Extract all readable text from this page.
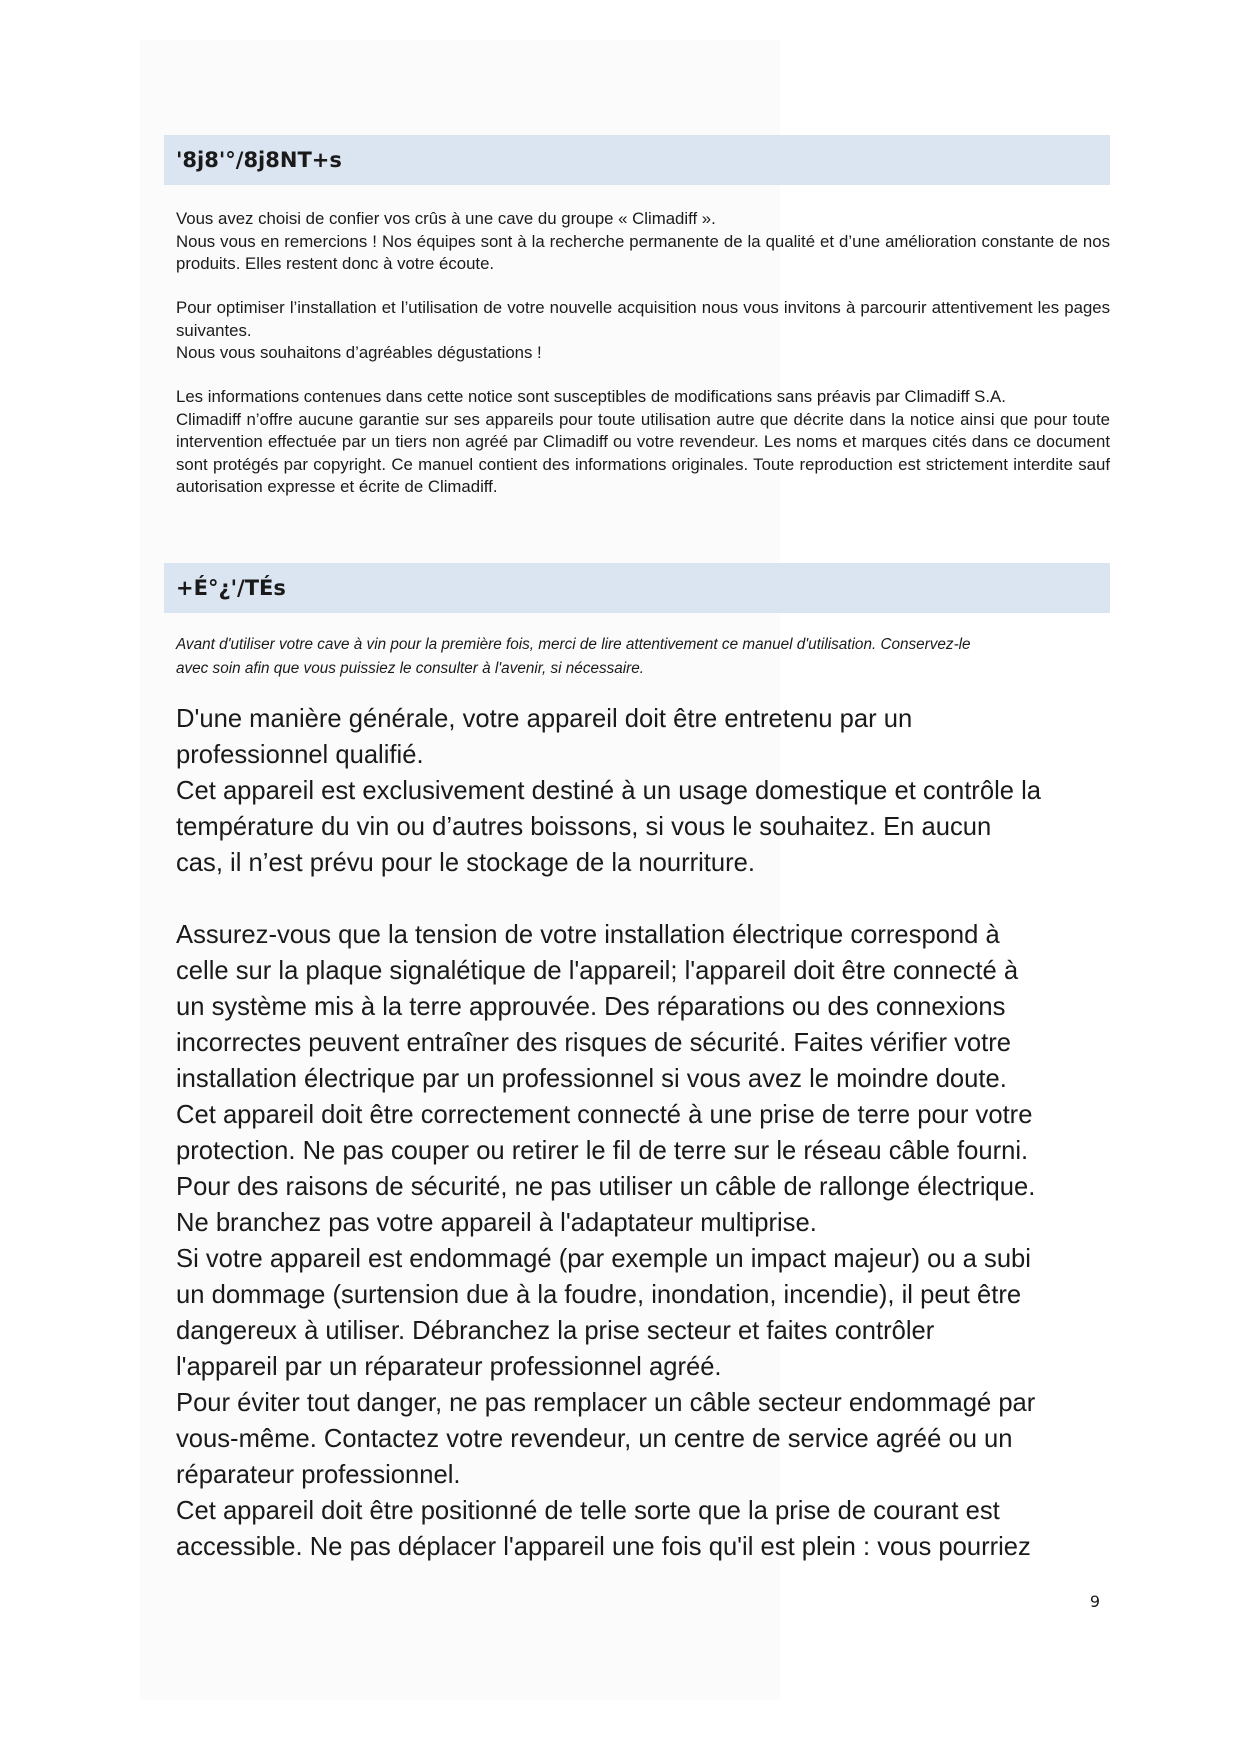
'8j8'°/8j8NT+s

Vous avez choisi de confier vos crûs à une cave du groupe « Climadiff ».

Nous vous en remercions ! Nos équipes sont à la recherche permanente de la qualité et d’une amélioration constante de nos produits. Elles restent donc à votre écoute.

Pour optimiser l’installation et l’utilisation de votre nouvelle acquisition nous vous invitons à parcourir attentivement les pages suivantes.

Nous vous souhaitons d’agréables dégustations !

Les informations contenues dans cette notice sont susceptibles de modifications sans préavis par Climadiff S.A.

Climadiff n’offre aucune garantie sur ses appareils pour toute utilisation autre que décrite dans la notice ainsi que pour toute intervention effectuée par un tiers non agréé par Climadiff ou votre revendeur. Les noms et marques cités dans ce document sont protégés par copyright. Ce manuel contient des informations originales. Toute reproduction est strictement interdite sauf autorisation expresse et écrite de Climadiff.

+É°¿'/TÉs

Avant d'utiliser votre cave à vin pour la première fois, merci de lire attentivement ce manuel d'utilisation. Conservez-le

avec soin afin que vous puissiez le consulter à l'avenir, si nécessaire.

D'une manière générale, votre appareil doit être entretenu par un

professionnel qualifié.

Cet appareil est exclusivement destiné à un usage domestique et contrôle la

température du vin ou d’autres boissons, si vous le souhaitez. En aucun

cas, il n’est prévu pour le stockage de la nourriture.

Assurez-vous que la tension de votre installation électrique correspond à

celle sur la plaque signalétique de l'appareil; l'appareil doit être connecté à

un système mis à la terre approuvée. Des réparations ou des connexions

incorrectes peuvent entraîner des risques de sécurité. Faites vérifier votre

installation électrique par un professionnel si vous avez le moindre doute.

Cet appareil doit être correctement connecté à une prise de terre pour votre

protection. Ne pas couper ou retirer le fil de terre sur le réseau câble fourni.

Pour des raisons de sécurité, ne pas utiliser un câble de rallonge électrique.

Ne branchez pas votre appareil à l'adaptateur multiprise.

Si votre appareil est endommagé (par exemple un impact majeur) ou a subi

un dommage (surtension due à la foudre, inondation, incendie), il peut être

dangereux à utiliser. Débranchez la prise secteur et faites contrôler

l'appareil par un réparateur professionnel agréé.

Pour éviter tout danger, ne pas remplacer un câble secteur endommagé par

vous-même. Contactez votre revendeur, un centre de service agréé ou un

réparateur professionnel.

Cet appareil doit être positionné de telle sorte que la prise de courant est

accessible. Ne pas déplacer l'appareil une fois qu'il est plein : vous pourriez

9
